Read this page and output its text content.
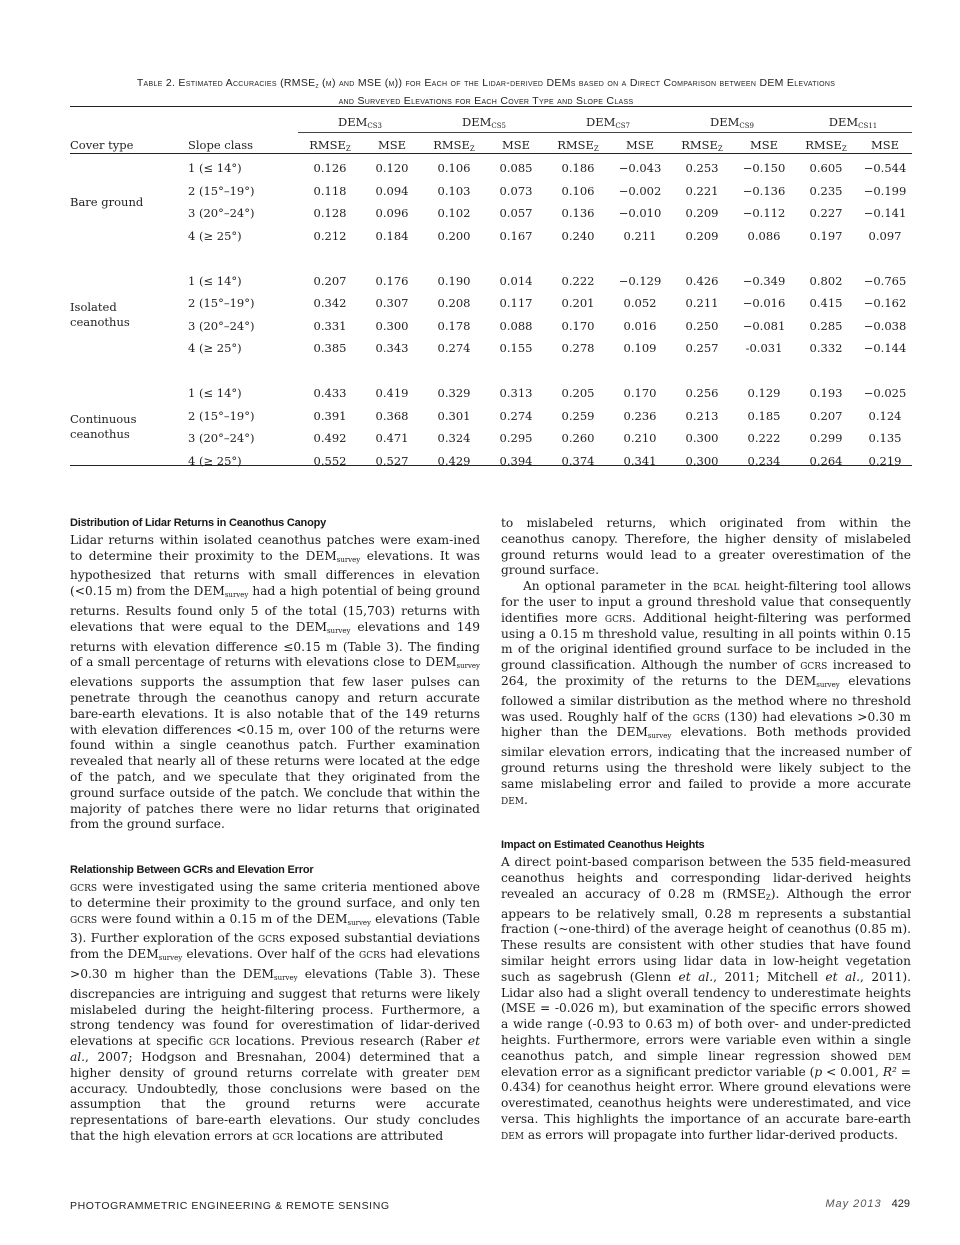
Table 2. Estimated Accuracies ($RMSE_z$ (m) and MSE (m)) for Each of the Lidar-derived DEMs based on a Direct Comparison between DEM Elevations
and Surveyed Elevations for Each Cover Type and Slope Class
		$DEM_{CS3}$		$DEM_{CS5}$		$DEM_{CS7}$		$DEM_{CS9}$		$DEM_{CS11}$
Cover type	Slope class	$RMSE_Z$	MSE	$RMSE_Z$	MSE	$RMSE_Z$	MSE	$RMSE_Z$	MSE	$RMSE_Z$	MSE
Bare ground	1 (≤ 14°)	0.126	0.120	0.106	0.085	0.186	−0.043	0.253	−0.150	0.605	−0.544
	2 (15°–19°)	0.118	0.094	0.103	0.073	0.106	−0.002	0.221	−0.136	0.235	−0.199
	3 (20°–24°)	0.128	0.096	0.102	0.057	0.136	−0.010	0.209	−0.112	0.227	−0.141
	4 (≥ 25°)	0.212	0.184	0.200	0.167	0.240	0.211	0.209	0.086	0.197	0.097

Isolated
ceanothus	1 (≤ 14°)	0.207	0.176	0.190	0.014	0.222	−0.129	0.426	−0.349	0.802	−0.765
	2 (15°–19°)	0.342	0.307	0.208	0.117	0.201	0.052	0.211	−0.016	0.415	−0.162
	3 (20°–24°)	0.331	0.300	0.178	0.088	0.170	0.016	0.250	−0.081	0.285	−0.038
	4 (≥ 25°)	0.385	0.343	0.274	0.155	0.278	0.109	0.257	-0.031	0.332	−0.144

Continuous
ceanothus	1 (≤ 14°)	0.433	0.419	0.329	0.313	0.205	0.170	0.256	0.129	0.193	−0.025
	2 (15°–19°)	0.391	0.368	0.301	0.274	0.259	0.236	0.213	0.185	0.207	0.124
	3 (20°–24°)	0.492	0.471	0.324	0.295	0.260	0.210	0.300	0.222	0.299	0.135
	4 (≥ 25°)	0.552	0.527	0.429	0.394	0.374	0.341	0.300	0.234	0.264	0.219
Distribution of Lidar Returns in Ceanothus Canopy

Lidar returns within isolated ceanothus patches were exam-ined to determine their proximity to the $DEM_{survey}$ elevations. It was hypothesized that returns with small differences in elevation (<0.15 m) from the $DEM_{survey}$ had a high potential of being ground returns. Results found only 5 of the total (15,703) returns with elevations that were equal to the $DEM_{survey}$ elevations and 149 returns with elevation difference ≤0.15 m (Table 3). The finding of a small percentage of returns with elevations close to $DEM_{survey}$ elevations supports the assumption that few laser pulses can penetrate through the ceanothus canopy and return accurate bare-earth elevations. It is also notable that of the 149 returns with elevation differences <0.15 m, over 100 of the returns were found within a single ceanothus patch. Further examination revealed that nearly all of these returns were located at the edge of the patch, and we speculate that they originated from the ground surface outside of the patch. We conclude that within the majority of patches there were no lidar returns that originated from the ground surface.

Relationship Between GCRs and Elevation Error

gcrs were investigated using the same criteria mentioned above to determine their proximity to the ground surface, and only ten gcrs were found within a 0.15 m of the $DEM_{survey}$ elevations (Table 3). Further exploration of the gcrs exposed substantial deviations from the $DEM_{survey}$ elevations. Over half of the gcrs had elevations >0.30 m higher than the $DEM_{survey}$ elevations (Table 3). These discrepancies are intriguing and suggest that returns were likely mislabeled during the height-filtering process. Furthermore, a strong tendency was found for overestimation of lidar-derived elevations at specific gcr locations. Previous research (Raber et al., 2007; Hodgson and Bresnahan, 2004) determined that a higher density of ground returns correlate with greater dem accuracy. Undoubtedly, those conclusions were based on the assumption that the ground returns were accurate representations of bare-earth elevations. Our study concludes that the high elevation errors at gcr locations are attributed

to mislabeled returns, which originated from within the ceanothus canopy. Therefore, the higher density of mislabeled ground returns would lead to a greater overestimation of the ground surface.

An optional parameter in the bcal height-filtering tool allows for the user to input a ground threshold value that consequently identifies more gcrs. Additional height-filtering was performed using a 0.15 m threshold value, resulting in all points within 0.15 m of the original identified ground surface to be included in the ground classification. Although the number of gcrs increased to 264, the proximity of the returns to the $DEM_{survey}$ elevations followed a similar distribution as the method where no threshold was used. Roughly half of the gcrs (130) had elevations >0.30 m higher than the $DEM_{survey}$ elevations. Both methods provided similar elevation errors, indicating that the increased number of ground returns using the threshold were likely subject to the same mislabeling error and failed to provide a more accurate dem.

Impact on Estimated Ceanothus Heights

A direct point-based comparison between the 535 field-measured ceanothus heights and corresponding lidar-derived heights revealed an accuracy of 0.28 m $(RMSE_Z)$. Although the error appears to be relatively small, 0.28 m represents a substantial fraction (~one-third) of the average height of ceanothus (0.85 m). These results are consistent with other studies that have found similar height errors using lidar data in low-height vegetation such as sagebrush (Glenn et al., 2011; Mitchell et al., 2011). Lidar also had a slight overall tendency to underestimate heights (MSE = -0.026 m), but examination of the specific errors showed a wide range (-0.93 to 0.63 m) of both over- and under-predicted heights. Furthermore, errors were variable even within a single ceanothus patch, and simple linear regression showed dem elevation error as a significant predictor variable (p < 0.001, R² = 0.434) for ceanothus height error. Where ground elevations were overestimated, ceanothus heights were underestimated, and vice versa. This highlights the importance of an accurate bare-earth dem as errors will propagate into further lidar-derived products.

PHOTOGRAMMETRIC ENGINEERING & REMOTE SENSING	May 2013 429
